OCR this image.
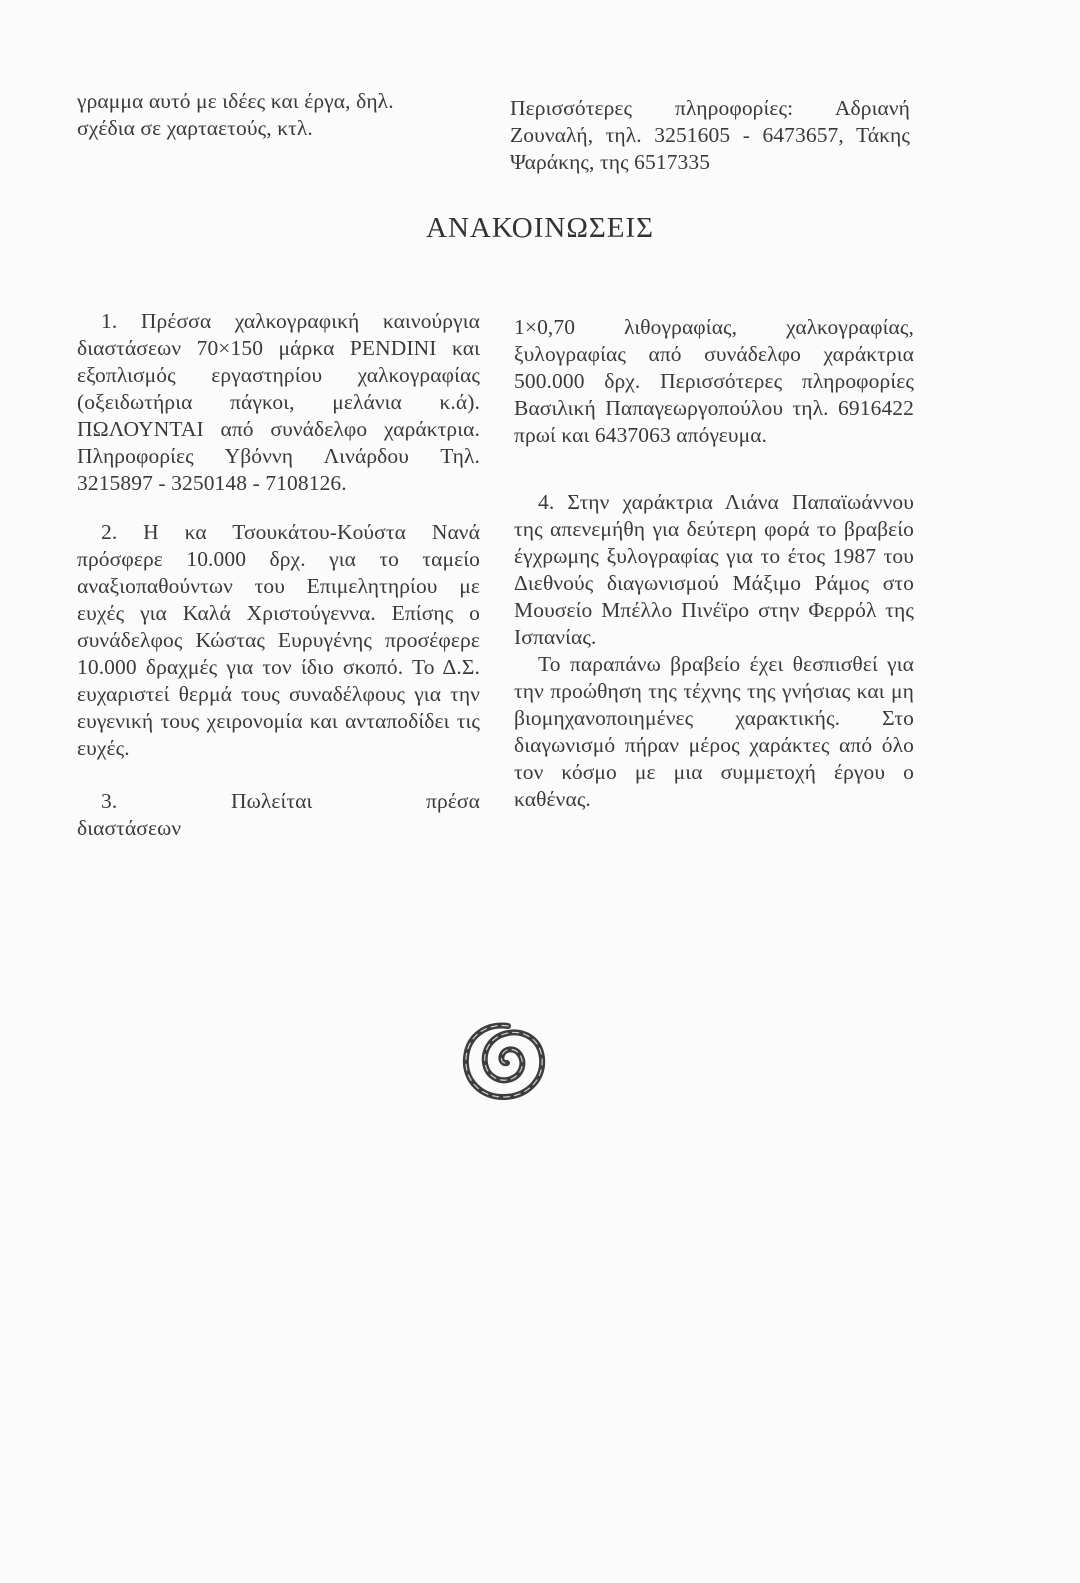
γραμμα αυτό με ιδέες και έργα, δηλ.

σχέδια σε χαρταετούς, κτλ.

Περισσότερες πληροφορίες: Αδριανή Ζουναλή, τηλ. 3251605 - 6473657, Τάκης Ψαράκης, της 6517335

ΑΝΑΚΟΙΝΩΣΕΙΣ

1. Πρέσσα χαλκογραφική καινούργια διαστάσεων 70×150 μάρκα PENDINI και εξοπλισμός εργαστηρίου χαλκογραφίας (οξειδωτήρια πάγκοι, μελάνια κ.ά). ΠΩΛΟΥΝΤΑΙ από συνάδελφο χαράκτρια. Πληροφορίες Υβόννη Λινάρδου Τηλ. 3215897 - 3250148 - 7108126.

2. Η κα Τσουκάτου-Κούστα Νανά πρόσφερε 10.000 δρχ. για το ταμείο αναξιοπαθούντων του Επιμελητηρίου με ευχές για Καλά Χριστούγεννα. Επίσης ο συνάδελφος Κώστας Ευρυγένης προσέφερε 10.000 δραχμές για τον ίδιο σκοπό. Το Δ.Σ. ευχαριστεί θερμά τους συναδέλφους για την ευγενική τους χειρονομία και ανταποδίδει τις ευχές.

3. Πωλείται πρέσα διαστάσεων

1×0,70 λιθογραφίας, χαλκογραφίας, ξυλογραφίας από συνάδελφο χαράκτρια 500.000 δρχ. Περισσότερες πληροφορίες Βασιλική Παπαγεωργοπούλου τηλ. 6916422 πρωί και 6437063 απόγευμα.

4. Στην χαράκτρια Λιάνα Παπαϊωάννου της απενεμήθη για δεύτερη φορά το βραβείο έγχρωμης ξυλογραφίας για το έτος 1987 του Διεθνούς διαγωνισμού Μάξιμο Ράμος στο Μουσείο Μπέλλο Πινέϊρο στην Φερρόλ της Ισπανίας.

Το παραπάνω βραβείο έχει θεσπισθεί για την προώθηση της τέχνης της γνήσιας και μη βιομηχανοποιημένες χαρακτικής. Στο διαγωνισμό πήραν μέρος χαράκτες από όλο τον κόσμο με μια συμμετοχή έργου ο καθένας.
